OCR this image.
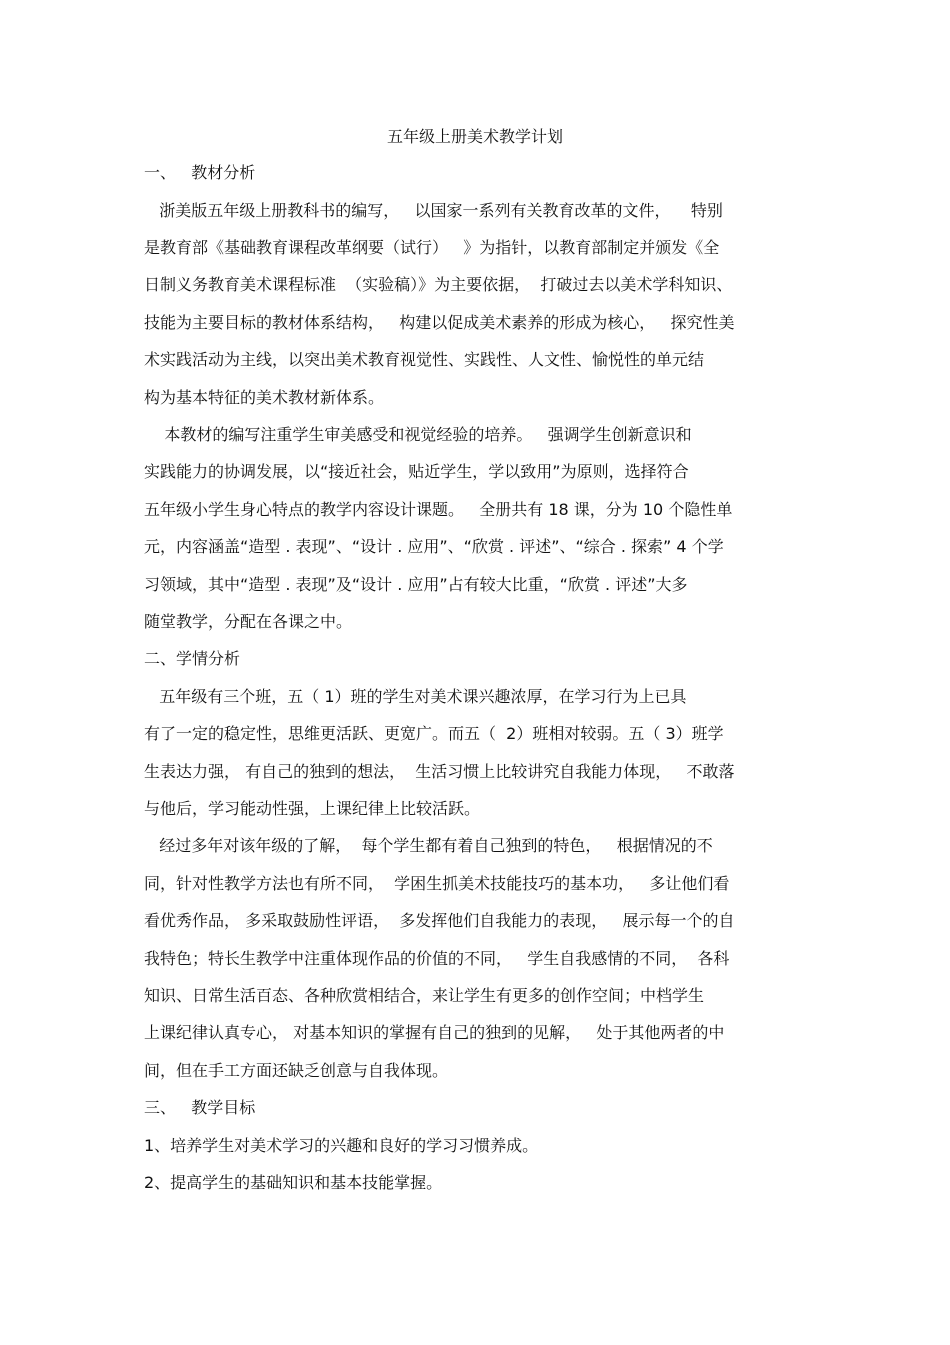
五年级上册美术教学计划
一、   教材分析
浙美版五年级上册教科书的编写，   以国家一系列有关教育改革的文件，    特别
是教育部《基础教育课程改革纲要（试行）   》为指针，以教育部制定并颁发《全
日制义务教育美术课程标准  （实验稿）》为主要依据，  打破过去以美术学科知识、
技能为主要目标的教材体系结构，   构建以促成美术素养的形成为核心，   探究性美
术实践活动为主线，以突出美术教育视觉性、实践性、人文性、愉悦性的单元结
构为基本特征的美术教材新体系。
本教材的编写注重学生审美感受和视觉经验的培养。   强调学生创新意识和
实践能力的协调发展，以“接近社会，贴近学生，学以致用”为原则，选择符合
五年级小学生身心特点的教学内容设计课题。   全册共有 18 课，分为 10 个隐性单
元，内容涵盖“造型 . 表现”、“设计 . 应用”、“欣赏 . 评述”、“综合 . 探索” 4 个学
习领域，其中“造型 . 表现”及“设计 . 应用”占有较大比重，“欣赏 . 评述”大多
随堂教学，分配在各课之中。
二、学情分析
五年级有三个班，五（ 1）班的学生对美术课兴趣浓厚，在学习行为上已具
有了一定的稳定性，思维更活跃、更宽广。而五（  2）班相对较弱。五（ 3）班学
生表达力强， 有自己的独到的想法，  生活习惯上比较讲究自我能力体现，   不敢落
与他后，学习能动性强，上课纪律上比较活跃。
经过多年对该年级的了解，  每个学生都有着自己独到的特色，   根据情况的不
同，针对性教学方法也有所不同，  学困生抓美术技能技巧的基本功，   多让他们看
看优秀作品， 多采取鼓励性评语，  多发挥他们自我能力的表现，   展示每一个的自
我特色；特长生教学中注重体现作品的价值的不同，   学生自我感情的不同，  各科
知识、日常生活百态、各种欣赏相结合，来让学生有更多的创作空间；中档学生
上课纪律认真专心， 对基本知识的掌握有自己的独到的见解，   处于其他两者的中
间，但在手工方面还缺乏创意与自我体现。
三、   教学目标
1、培养学生对美术学习的兴趣和良好的学习习惯养成。
2、提高学生的基础知识和基本技能掌握。
